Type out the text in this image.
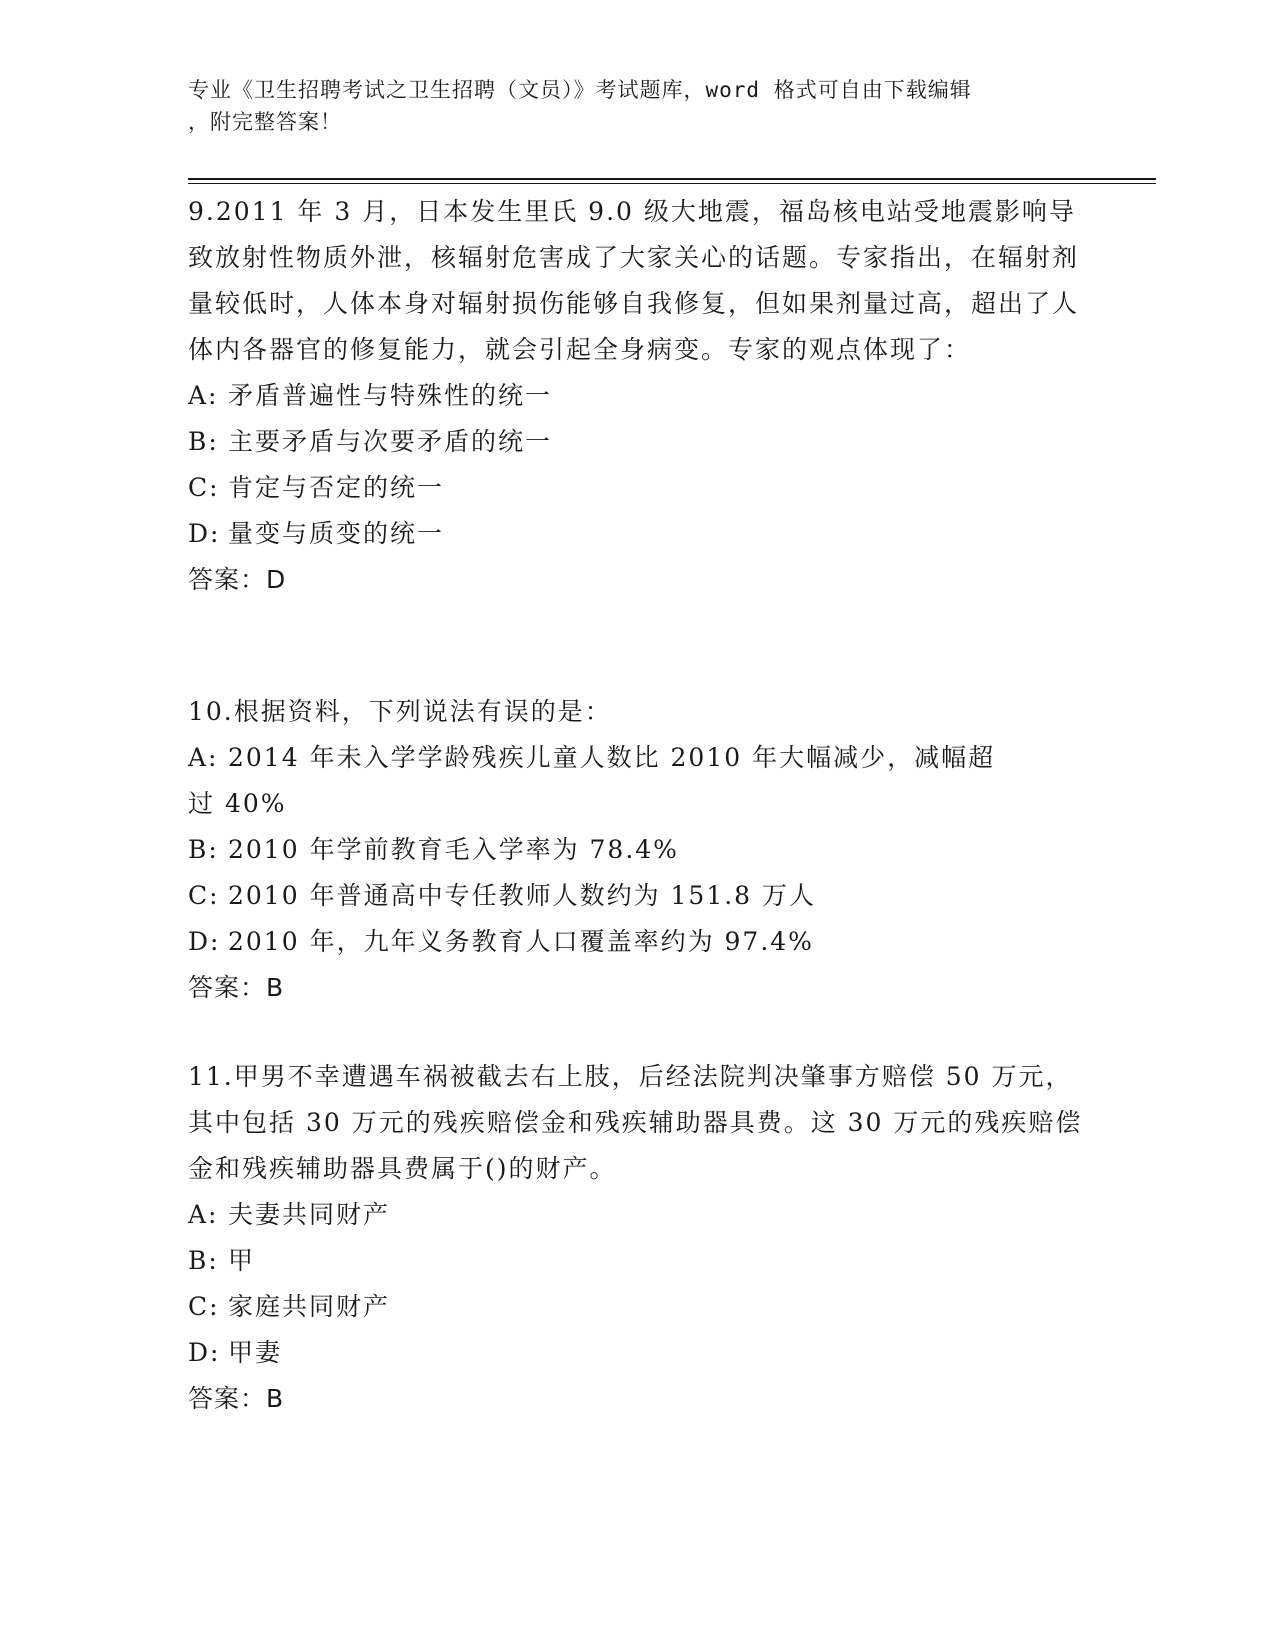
专业《卫生招聘考试之卫生招聘（文员）》考试题库，word 格式可自由下载编辑
，附完整答案！

9.2011 年 3 月，日本发生里氏 9.0 级大地震，福岛核电站受地震影响导致放射性物质外泄，核辐射危害成了大家关心的话题。专家指出，在辐射剂量较低时，人体本身对辐射损伤能够自我修复，但如果剂量过高，超出了人体内各器官的修复能力，就会引起全身病变。专家的观点体现了：

A: 矛盾普遍性与特殊性的统一

B: 主要矛盾与次要矛盾的统一

C: 肯定与否定的统一

D: 量变与质变的统一

答案：D

10.根据资料，下列说法有误的是：

A: 2014 年未入学学龄残疾儿童人数比 2010 年大幅减少，减幅超过 40%

B: 2010 年学前教育毛入学率为 78.4%

C: 2010 年普通高中专任教师人数约为 151.8 万人

D: 2010 年，九年义务教育人口覆盖率约为 97.4%

答案：B

11.甲男不幸遭遇车祸被截去右上肢，后经法院判决肇事方赔偿 50 万元，其中包括 30 万元的残疾赔偿金和残疾辅助器具费。这 30 万元的残疾赔偿金和残疾辅助器具费属于()的财产。

A: 夫妻共同财产

B: 甲

C: 家庭共同财产

D: 甲妻

答案：B
